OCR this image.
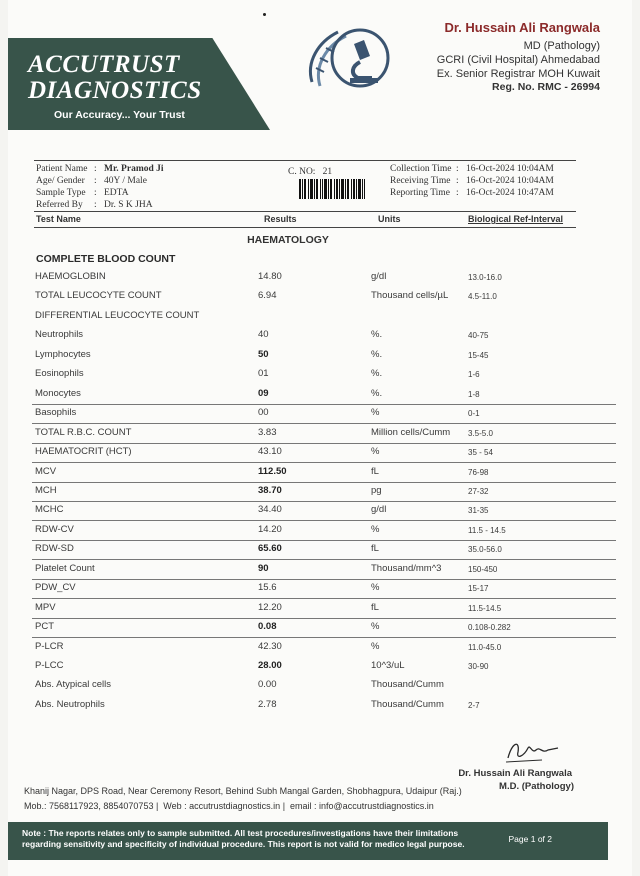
ACCUTRUST DIAGNOSTICS
Our Accuracy... Your Trust
Dr. Hussain Ali Rangwala
MD (Pathology)
GCRI (Civil Hospital) Ahmedabad
Ex. Senior Registrar MOH Kuwait
Reg. No. RMC - 26994
Patient Name : Mr. Pramod Ji
Age/ Gender : 40Y / Male
Sample Type : EDTA
Referred By : Dr. S K JHA
C. NO: 21	Collection Time : 16-Oct-2024 10:04AM
Receiving Time : 16-Oct-2024 10:04AM
Reporting Time : 16-Oct-2024 10:47AM
Test Name	Results	Units	Biological Ref-Interval
HAEMATOLOGY
COMPLETE BLOOD COUNT
HAEMOGLOBIN	14.80	g/dl	13.0-16.0
TOTAL LEUCOCYTE COUNT	6.94	Thousand cells/µL 4.5-11.0
DIFFERENTIAL LEUCOCYTE COUNT
Neutrophils	40	%.	40-75
Lymphocytes	50	%.	15-45
Eosinophils	01	%.	1-6
Monocytes	09	%.	1-8
Basophils	00	%	0-1
TOTAL R.B.C. COUNT	3.83	Million cells/Cumm 3.5-5.0
HAEMATOCRIT (HCT)	43.10	%	35 - 54
MCV	112.50	fL	76-98
MCH	38.70	pg	27-32
MCHC	34.40	g/dl	31-35
RDW-CV	14.20	%	11.5 - 14.5
RDW-SD	65.60	fL	35.0-56.0
Platelet Count	90	Thousand/mm^3	150-450
PDW_CV	15.6	%	15-17
MPV	12.20	fL	11.5-14.5
PCT	0.08	%	0.108-0.282
P-LCR	42.30	%	11.0-45.0
P-LCC	28.00	10^3/uL	30-90
Abs. Atypical cells	0.00	Thousand/Cumm
Abs. Neutrophils	2.78	Thousand/Cumm	2-7
Dr. Hussain Ali Rangwala
M.D. (Pathology)
Khanij Nagar, DPS Road, Near Ceremony Resort, Behind Subh Mangal Garden, Shobhagpura, Udaipur (Raj.)
Mob.: 7568117923, 8854070753 |  Web : accutrustdiagnostics.in |  email : info@accutrustdiagnostics.in
Note : The reports relates only to sample submitted. All test procedures/investigations have their limitations regarding sensitivity and specificity of individual procedure. This report is not valid for medico legal purpose.	Page 1 of 2
